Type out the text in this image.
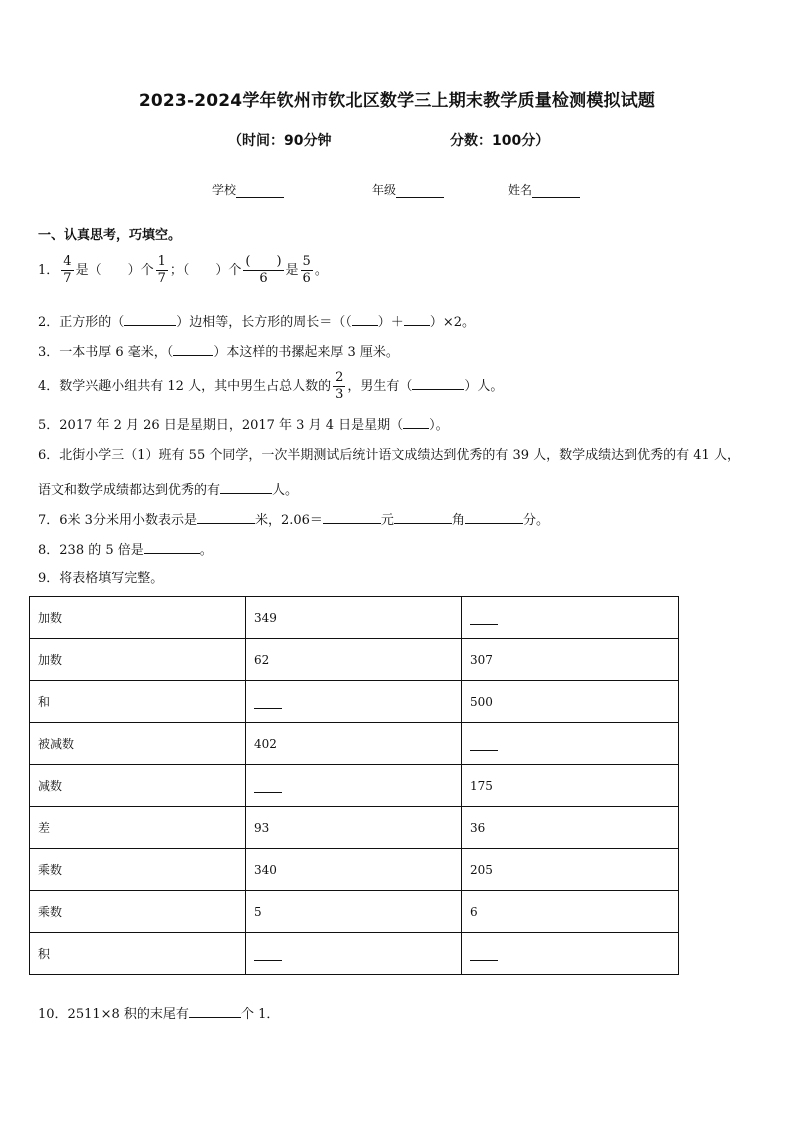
2023-2024学年钦州市钦北区数学三上期末教学质量检测模拟试题
（时间：90分钟	分数：100分）
学校	年级	姓名
一、认真思考，巧填空。
1． $\frac{4}{7}$ 是（　　）个 $\frac{1}{7}$ ；（　　）个 $\frac{( )}{6}$ 是 $\frac{5}{6}$ 。
2．正方形的（	）边相等，长方形的周长＝（（ ）＋ ）×2。
3．一本书厚 6 毫米，（	）本这样的书摞起来厚 3 厘米。
4．数学兴趣小组共有 12 人，其中男生占总人数的 $\frac{2}{3}$ ，男生有（	）人。
5．2017 年 2 月 26 日是星期日，2017 年 3 月 4 日是星期（ ）。
6．北街小学三（1）班有 55 个同学，一次半期测试后统计语文成绩达到优秀的有 39 人，数学成绩达到优秀的有 41 人，
语文和数学成绩都达到优秀的有	人。
7．6米 3分米用小数表示是	米，2.06＝	元	角	分。
8．238 的 5 倍是	。
9．将表格填写完整。
加数	349	
加数	62	307
和		500
被减数	402	
减数		175
差	93	36
乘数	340	205
乘数	5	6
积		
10．2511×8 积的末尾有	个 1．
